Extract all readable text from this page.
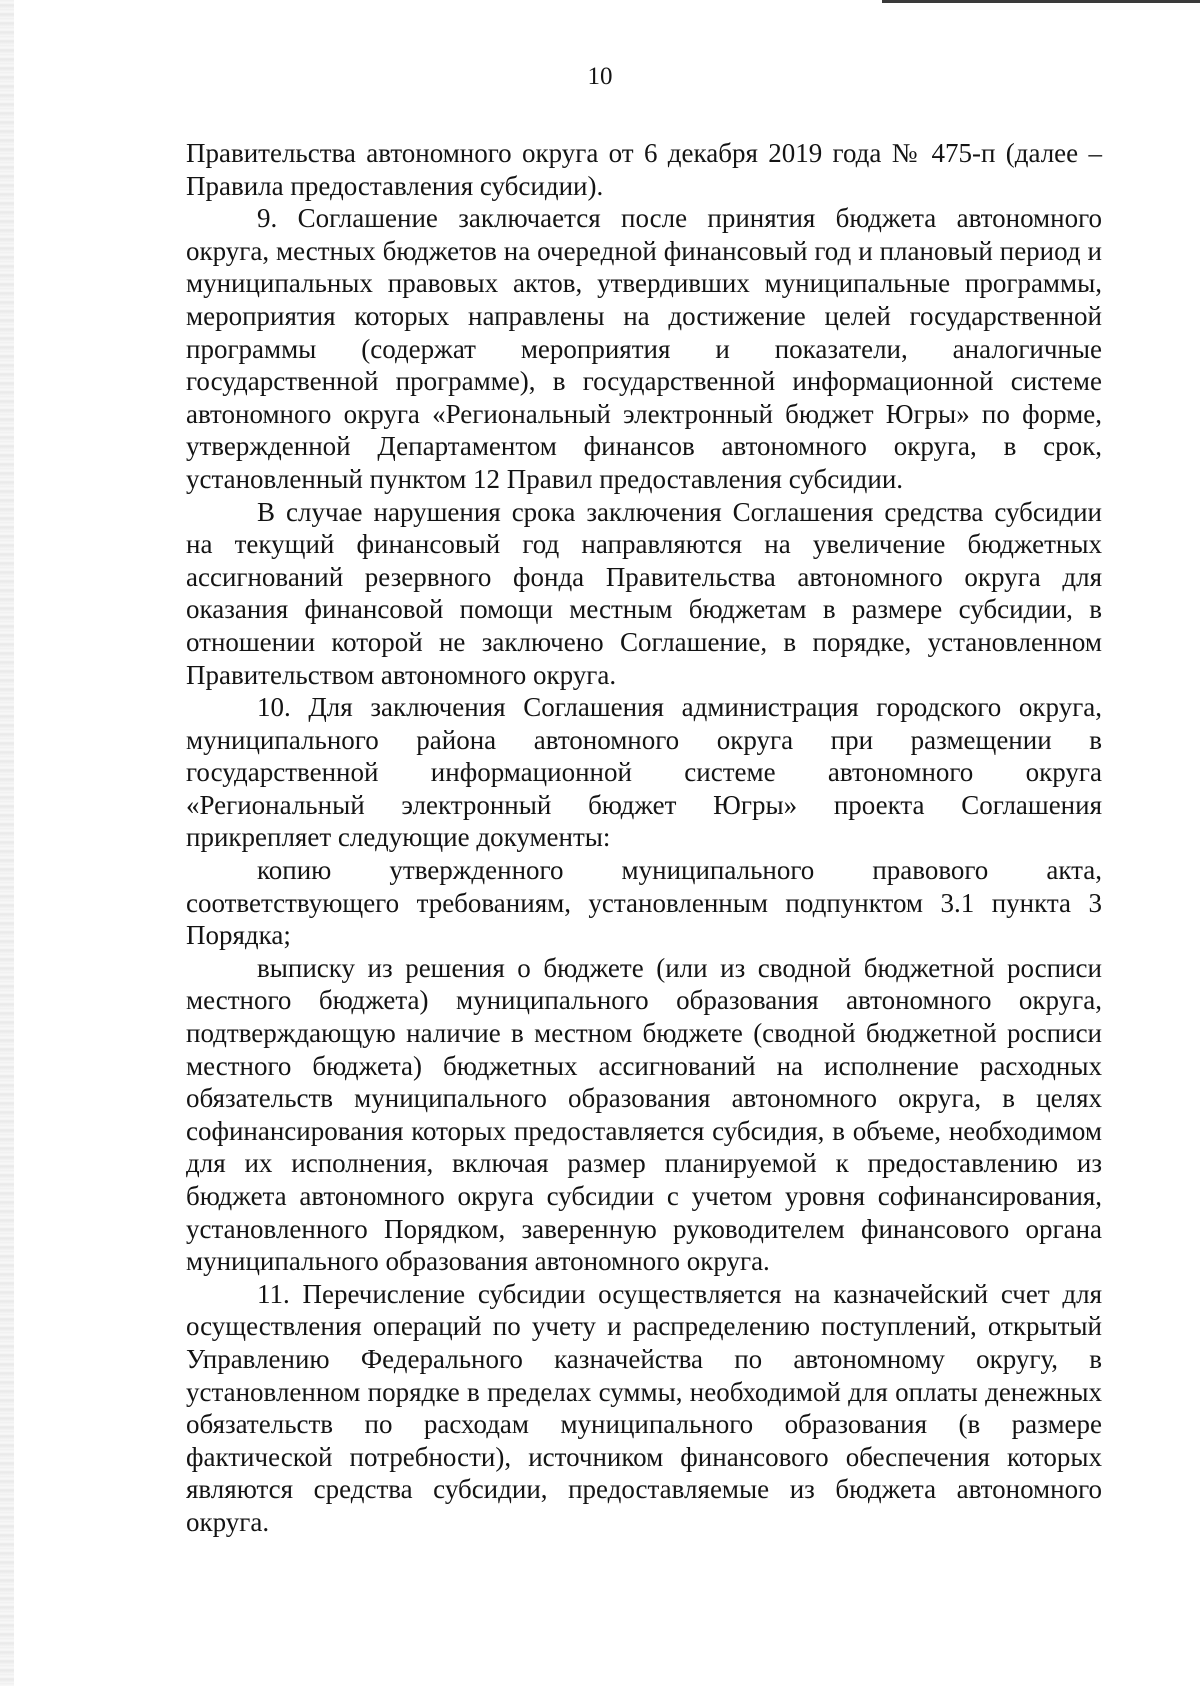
10

Правительства автономного округа от 6 декабря 2019 года № 475-п (далее – Правила предоставления субсидии).

9. Соглашение заключается после принятия бюджета автономного округа, местных бюджетов на очередной финансовый год и плановый период и муниципальных правовых актов, утвердивших муниципальные программы, мероприятия которых направлены на достижение целей государственной программы (содержат мероприятия и показатели, аналогичные государственной программе), в государственной информационной системе автономного округа «Региональный электронный бюджет Югры» по форме, утвержденной Департаментом финансов автономного округа, в срок, установленный пунктом 12 Правил предоставления субсидии.

В случае нарушения срока заключения Соглашения средства субсидии на текущий финансовый год направляются на увеличение бюджетных ассигнований резервного фонда Правительства автономного округа для оказания финансовой помощи местным бюджетам в размере субсидии, в отношении которой не заключено Соглашение, в порядке, установленном Правительством автономного округа.

10. Для заключения Соглашения администрация городского округа, муниципального района автономного округа при размещении в государственной информационной системе автономного округа «Региональный электронный бюджет Югры» проекта Соглашения прикрепляет следующие документы:

копию утвержденного муниципального правового акта, соответствующего требованиям, установленным подпунктом 3.1 пункта 3 Порядка;

выписку из решения о бюджете (или из сводной бюджетной росписи местного бюджета) муниципального образования автономного округа, подтверждающую наличие в местном бюджете (сводной бюджетной росписи местного бюджета) бюджетных ассигнований на исполнение расходных обязательств муниципального образования автономного округа, в целях софинансирования которых предоставляется субсидия, в объеме, необходимом для их исполнения, включая размер планируемой к предоставлению из бюджета автономного округа субсидии с учетом уровня софинансирования, установленного Порядком, заверенную руководителем финансового органа муниципального образования автономного округа.

11. Перечисление субсидии осуществляется на казначейский счет для осуществления операций по учету и распределению поступлений, открытый Управлению Федерального казначейства по автономному округу, в установленном порядке в пределах суммы, необходимой для оплаты денежных обязательств по расходам муниципального образования (в размере фактической потребности), источником финансового обеспечения которых являются средства субсидии, предоставляемые из бюджета автономного округа.
